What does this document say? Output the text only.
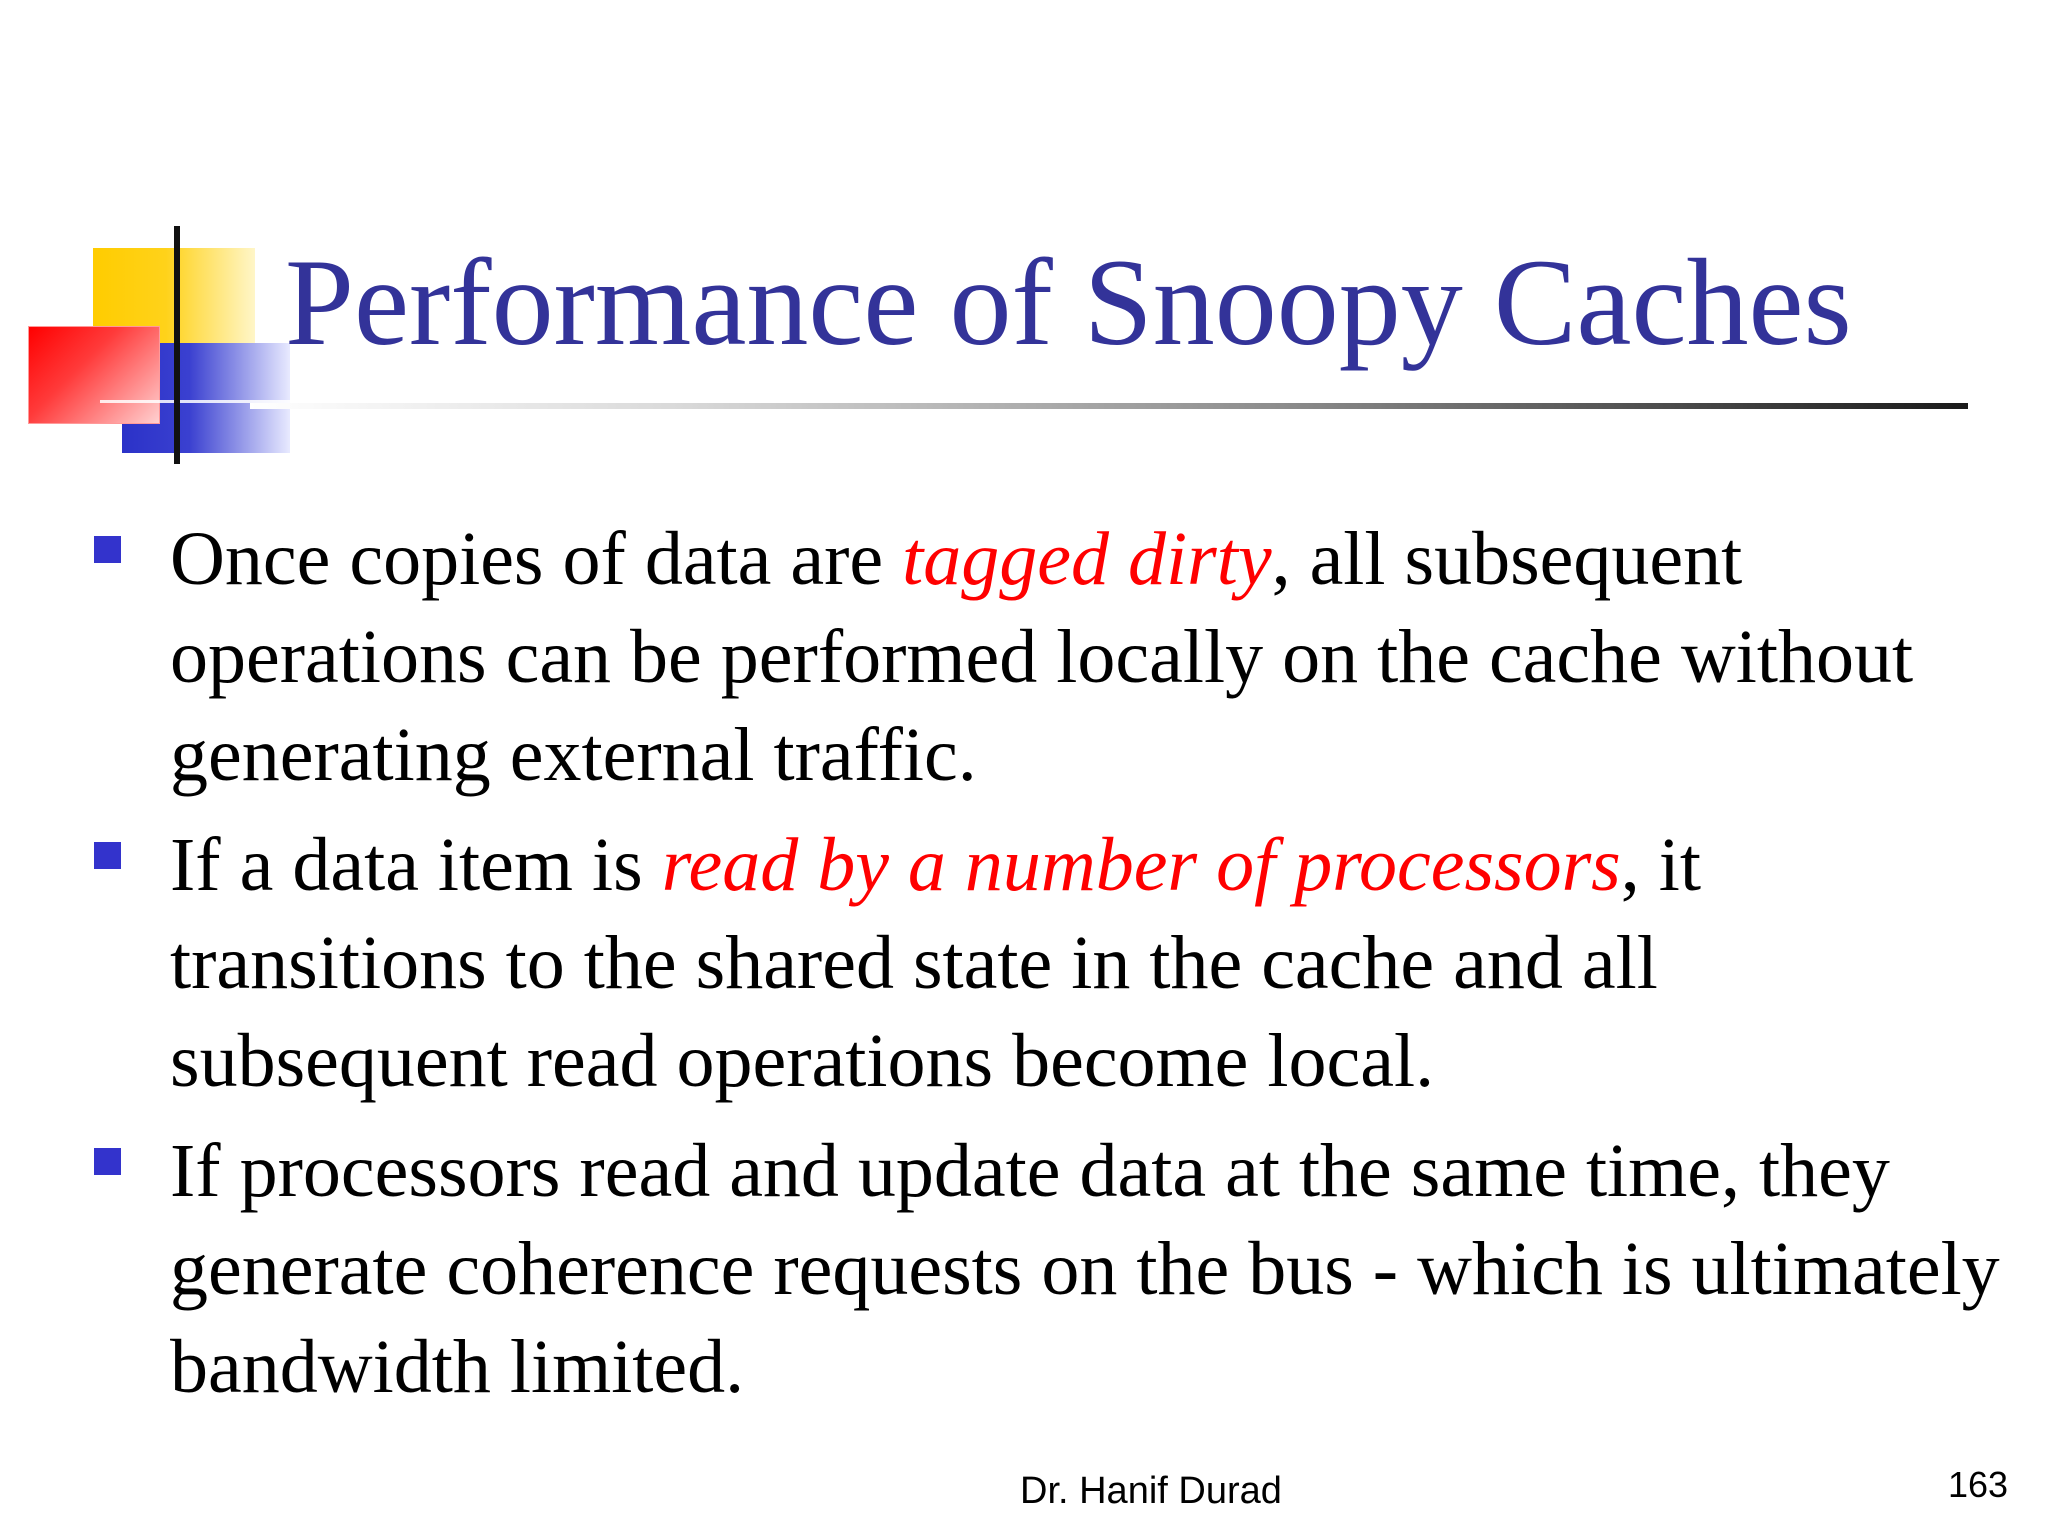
Performance of Snoopy Caches
Once copies of data are tagged dirty, all subsequent operations can be performed locally on the cache without generating external traffic.
If a data item is read by a number of processors, it transitions to the shared state in the cache and all subsequent read operations become local.
If processors read and update data at the same time, they generate coherence requests on the bus - which is ultimately bandwidth limited.
Dr. Hanif Durad	163
